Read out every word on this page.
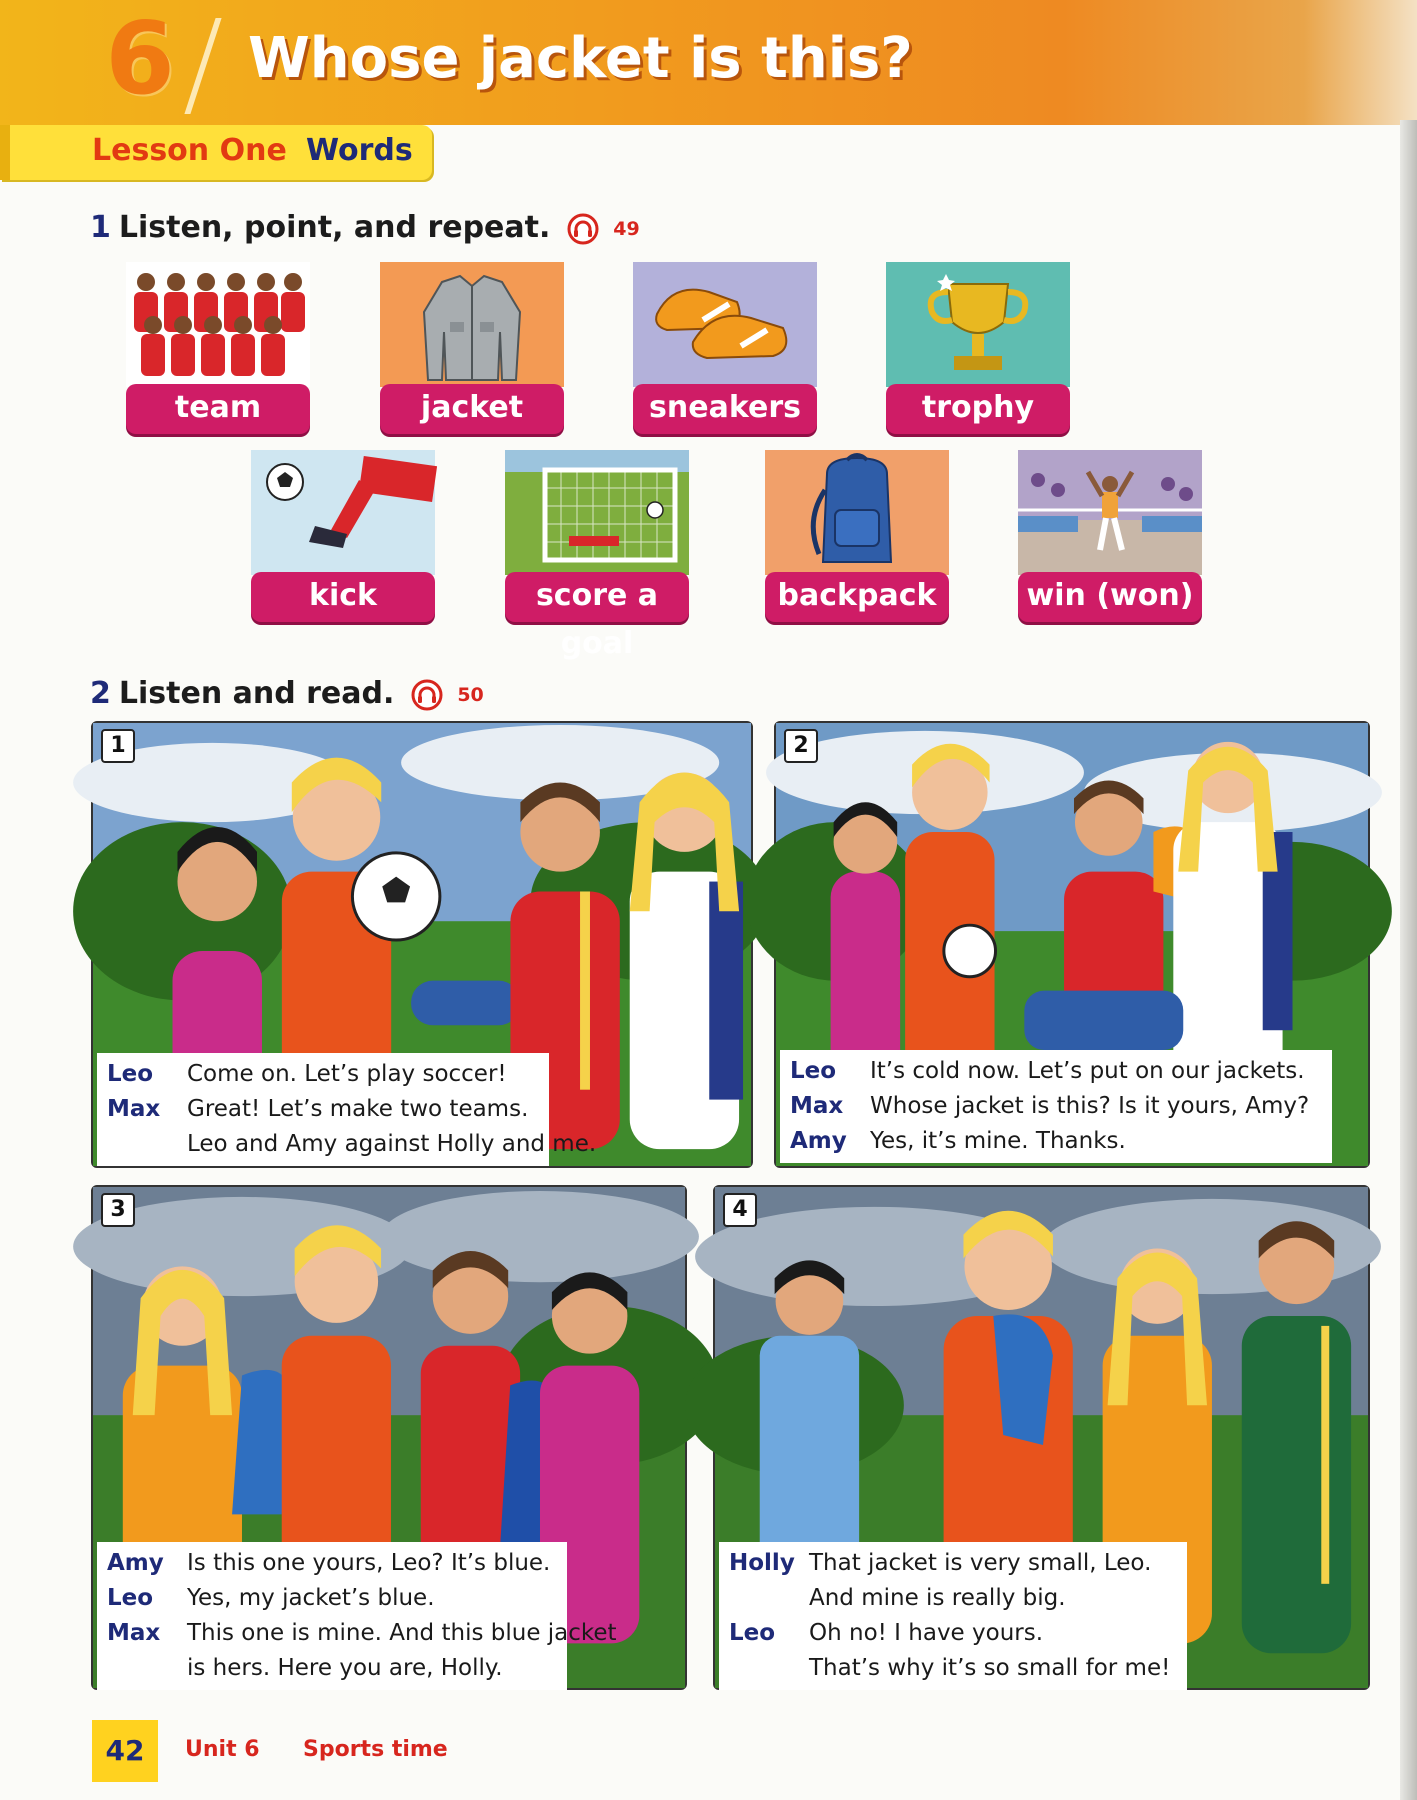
6 Whose jacket is this?
Lesson One Words
1 Listen, point, and repeat.	49
team	jacket	sneakers	trophy
kick	score a goal
backpack	win (won)
2 Listen and read.	50
1
Leo	Come on. Let’s play soccer!
Max	Great! Let’s make two teams.
Leo and Amy against Holly and me.
2
Leo	It’s cold now. Let’s put on our jackets.
Max	Whose jacket is this? Is it yours, Amy?
Amy	Yes, it’s mine. Thanks.
3
Amy	Is this one yours, Leo? It’s blue.
Leo	Yes, my jacket’s blue.
Max	This one is mine. And this blue jacket
is hers. Here you are, Holly.
4
Holly That jacket is very small, Leo.
And mine is really big.
Leo	Oh no! I have yours.
That’s why it’s so small for me!
42	Unit 6 Sports time
